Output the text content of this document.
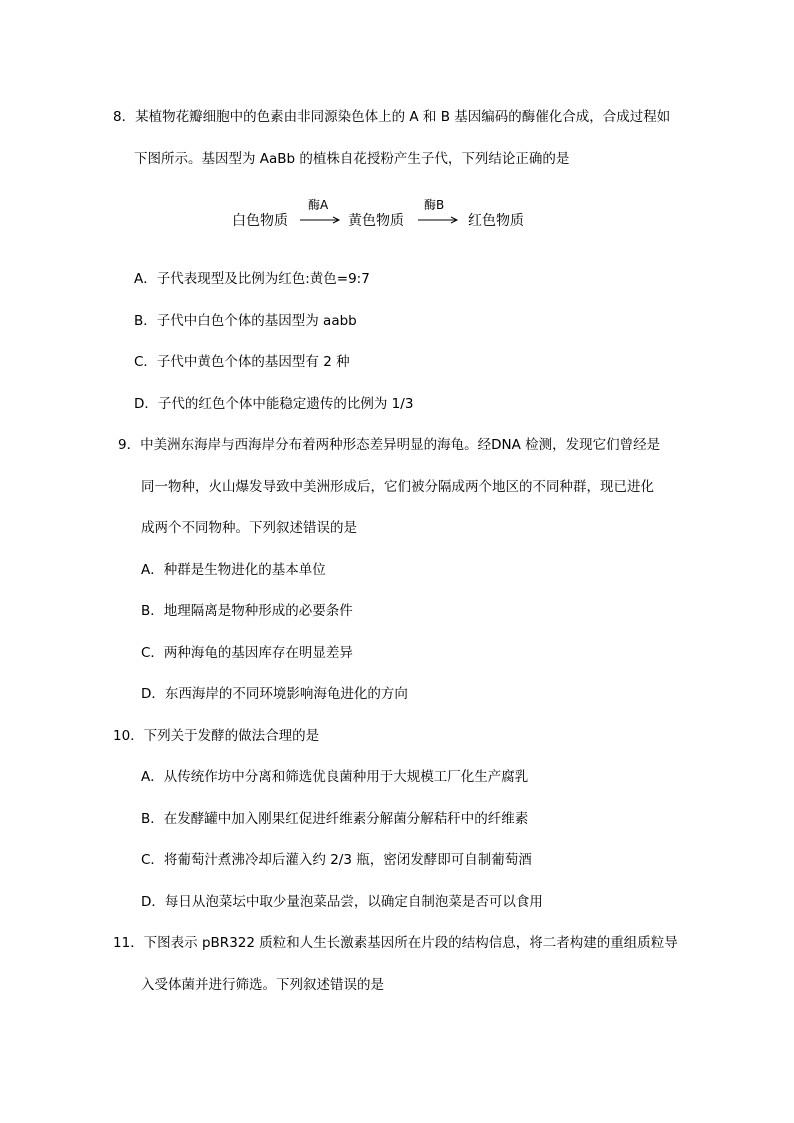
8．某植物花瓣细胞中的色素由非同源染色体上的 A 和 B 基因编码的酶催化合成，合成过程如
下图所示。基因型为 AaBb 的植株自花授粉产生子代，下列结论正确的是
白色物质
酶A
黄色物质
酶B
红色物质
A．子代表现型及比例为红色:黄色=9:7
B．子代中白色个体的基因型为 aabb
C．子代中黄色个体的基因型有 2 种
D．子代的红色个体中能稳定遗传的比例为 1/3
9．中美洲东海岸与西海岸分布着两种形态差异明显的海龟。经DNA 检测，发现它们曾经是
同一物种，火山爆发导致中美洲形成后，它们被分隔成两个地区的不同种群，现已进化
成两个不同物种。下列叙述错误的是
A．种群是生物进化的基本单位
B．地理隔离是物种形成的必要条件
C．两种海龟的基因库存在明显差异
D．东西海岸的不同环境影响海龟进化的方向
10．下列关于发酵的做法合理的是
A．从传统作坊中分离和筛选优良菌种用于大规模工厂化生产腐乳
B．在发酵罐中加入刚果红促进纤维素分解菌分解秸秆中的纤维素
C．将葡萄汁煮沸冷却后灌入约 2/3 瓶，密闭发酵即可自制葡萄酒
D．每日从泡菜坛中取少量泡菜品尝，以确定自制泡菜是否可以食用
11．下图表示 pBR322 质粒和人生长激素基因所在片段的结构信息，将二者构建的重组质粒导
入受体菌并进行筛选。下列叙述错误的是
